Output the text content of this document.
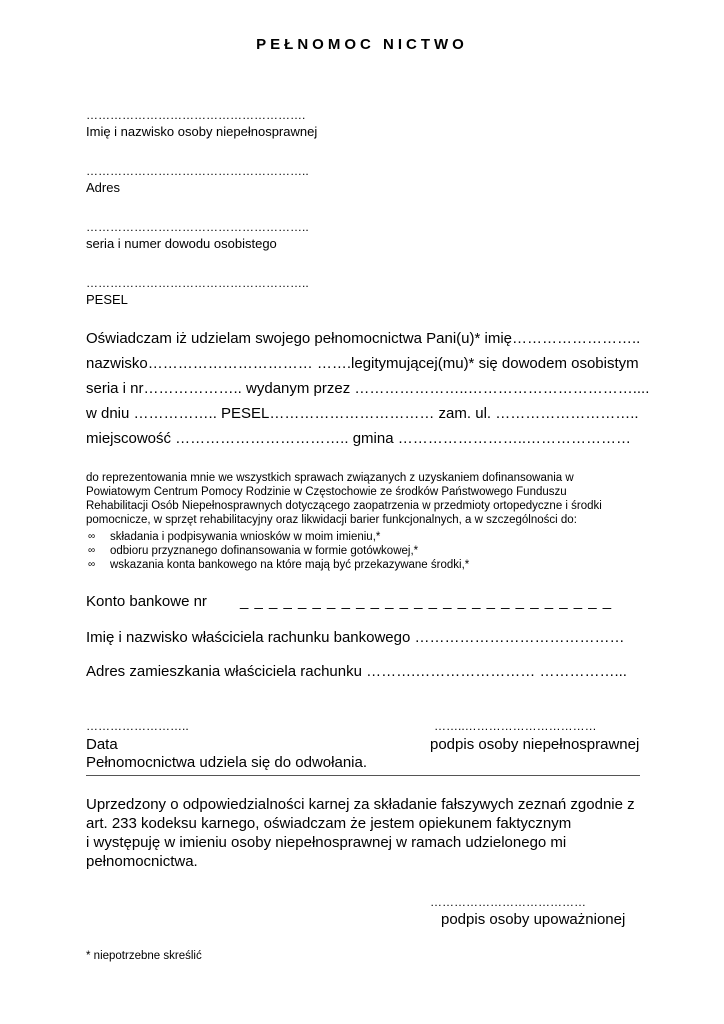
PEŁNOMOC NICTWO
……………………………………………….
Imię i nazwisko osoby niepełnosprawnej
………………………………………………..
Adres
………………………………………………..
seria i numer dowodu osobistego
………………………………………………..
PESEL
Oświadczam iż udzielam swojego pełnomocnictwa Pani(u)* imię……………………..
nazwisko…………………………… …….legitymującej(mu)* się dowodem osobistym
seria i nr……………….. wydanym przez …………………..……………………………....
w dniu …………….. PESEL…………………………… zam. ul. ………………………..
miejscowość …………………………….. gmina ……………………..…………………
do reprezentowania mnie we wszystkich sprawach związanych z uzyskaniem dofinansowania w
Powiatowym Centrum Pomocy Rodzinie w Częstochowie ze środków Państwowego Funduszu
Rehabilitacji Osób Niepełnosprawnych dotyczącego zaopatrzenia w przedmioty ortopedyczne i środki
pomocnicze, w sprzęt rehabilitacyjny oraz likwidacji barier funkcjonalnych, a w szczególności do:
∞ składania i podpisywania wniosków w moim imieniu,*
∞ odbioru przyznanego dofinansowania w formie gotówkowej,*
∞ wskazania konta bankowego na które mają być przekazywane środki,*
Konto bankowe nr _ _ _ _ _ _ _ _ _ _ _ _ _ _ _ _ _ _ _ _ _ _ _ _ _ _
Imię i nazwisko właściciela rachunku bankowego ……………………………………
Adres zamieszkania właściciela rachunku ……….…………………… ……………...
……………………..	……..……………………………
Data	podpis osoby niepełnosprawnej
Pełnomocnictwa udziela się do odwołania.
Uprzedzony o odpowiedzialności karnej za składanie fałszywych zeznań zgodnie z
art. 233 kodeksu karnego, oświadczam że jestem opiekunem faktycznym
i występuję w imieniu osoby niepełnosprawnej w ramach udzielonego mi
pełnomocnictwa.
…………………………………
podpis osoby upoważnionej
* niepotrzebne skreślić
